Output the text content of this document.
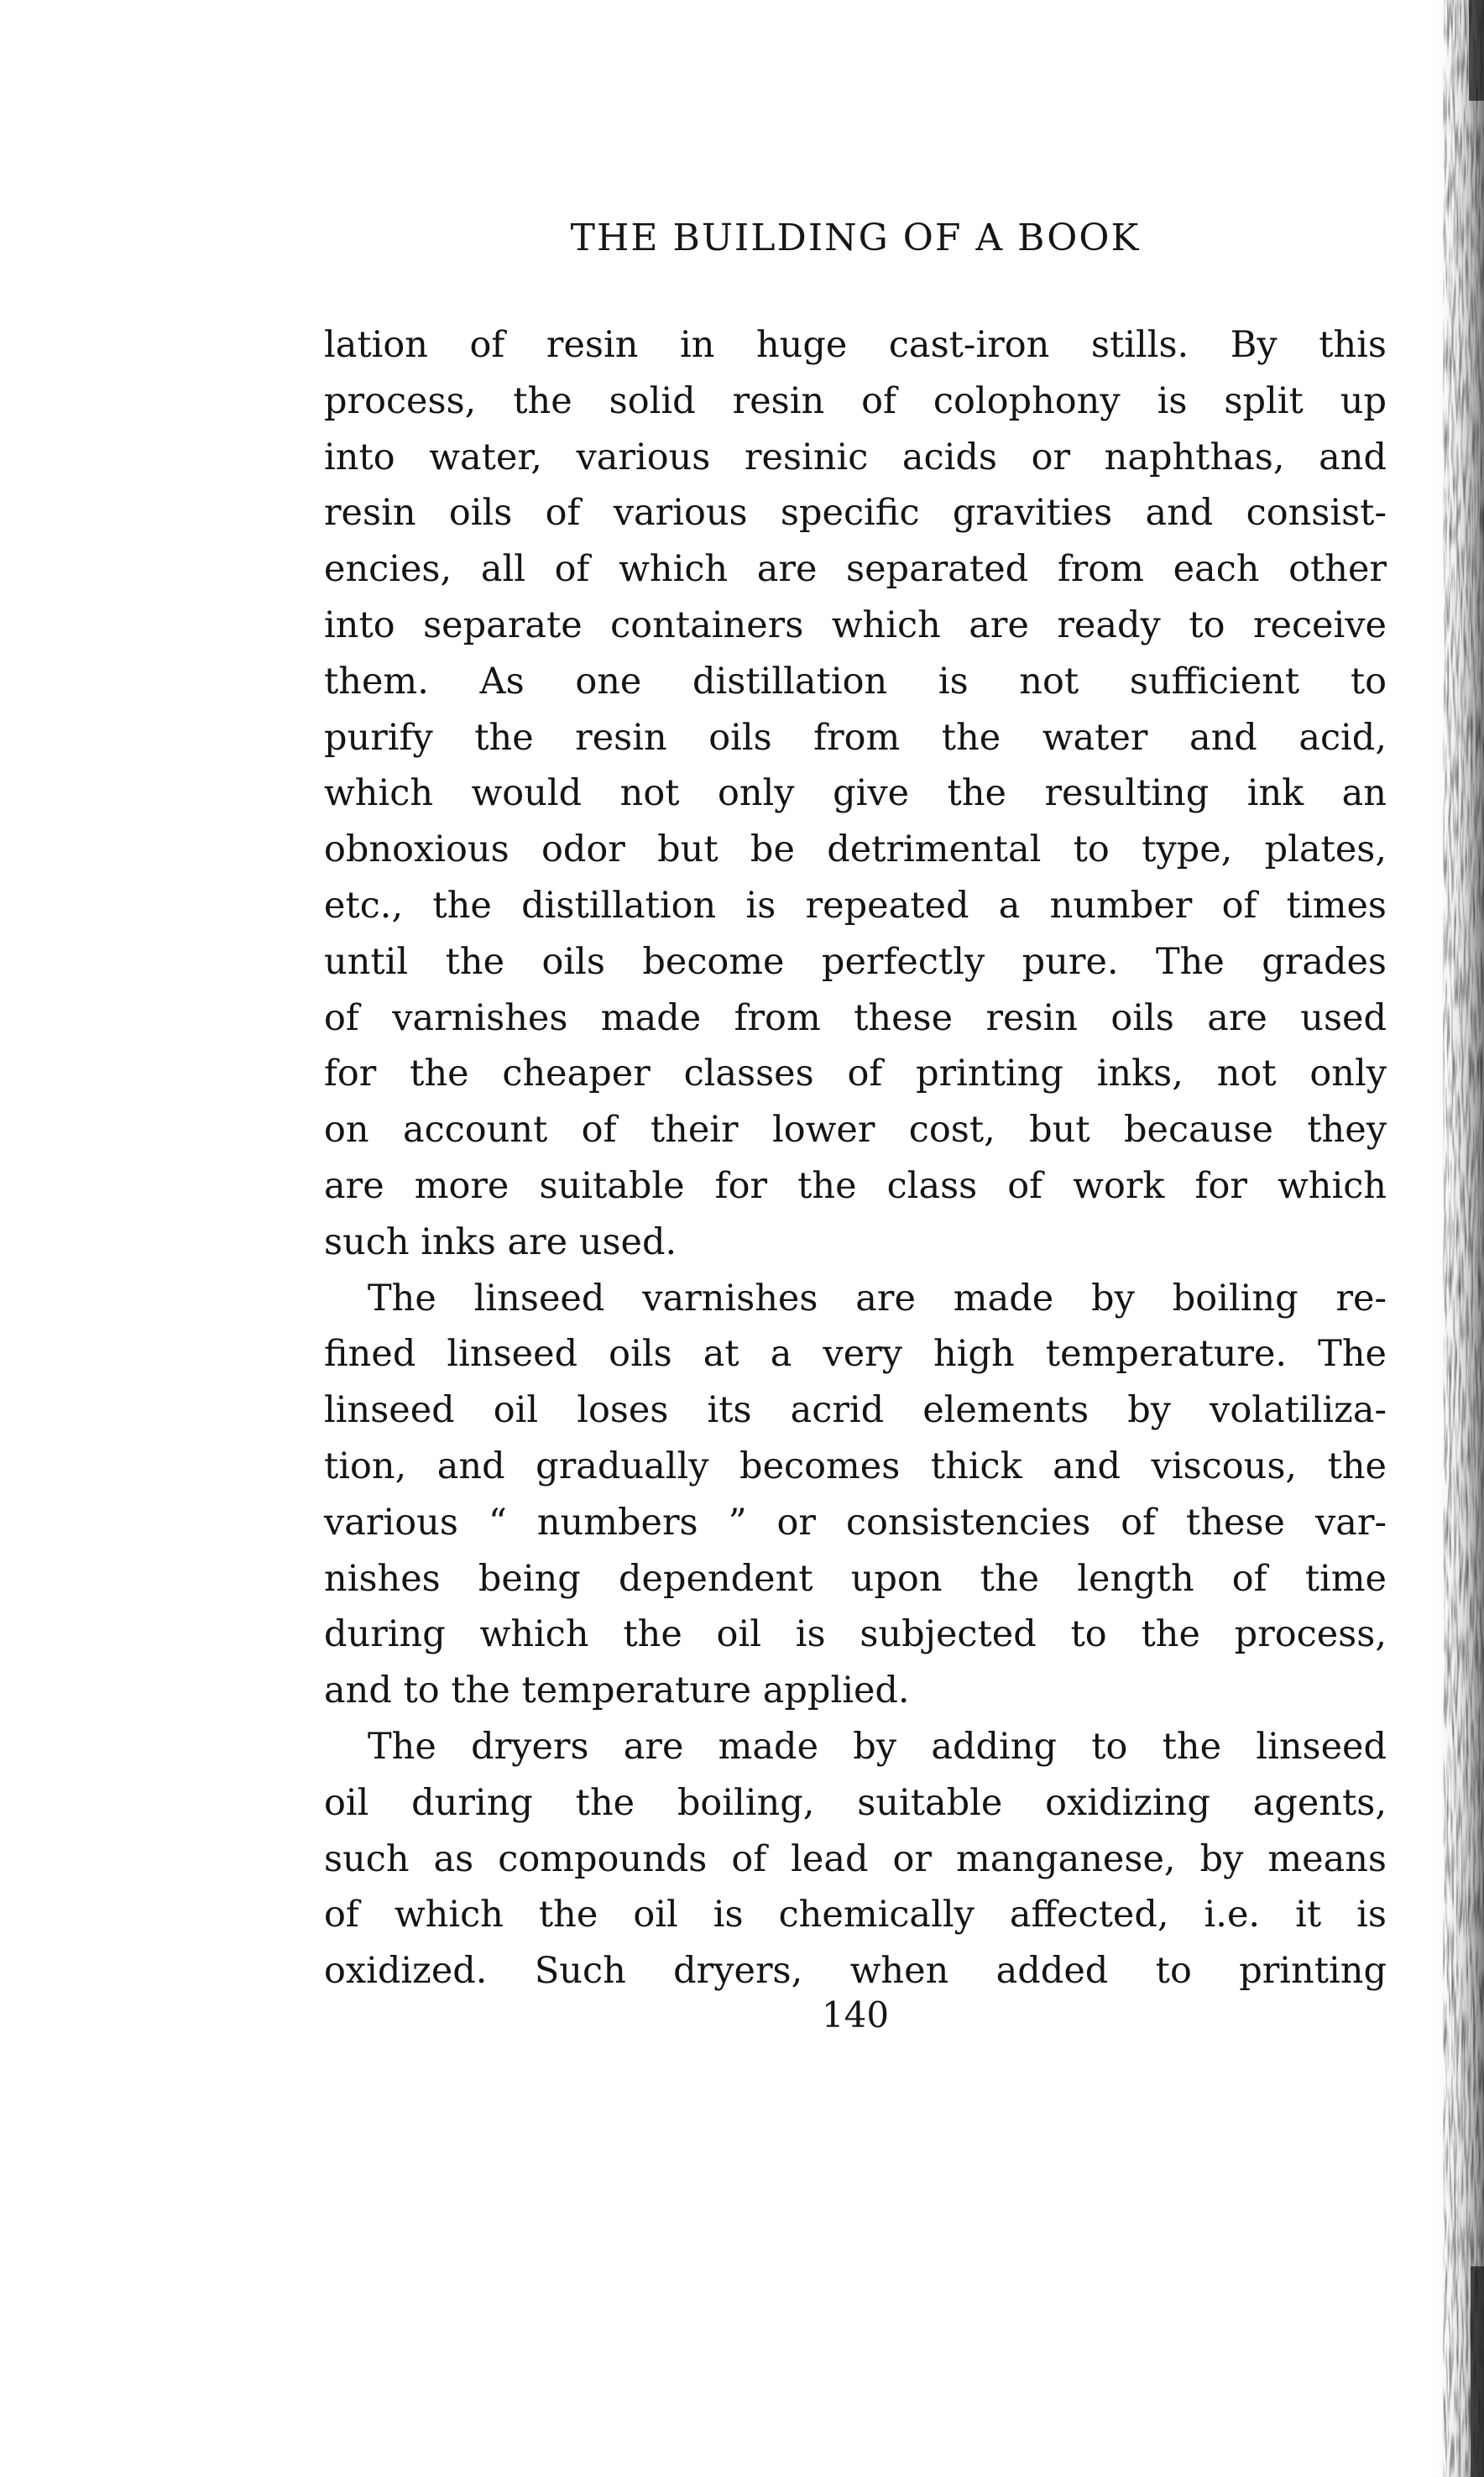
THE BUILDING OF A BOOK
lation of resin in huge cast-iron stills. By this
process, the solid resin of colophony is split up
into water, various resinic acids or naphthas, and
resin oils of various specific gravities and consist-
encies, all of which are separated from each other
into separate containers which are ready to receive
them. As one distillation is not sufficient to
purify the resin oils from the water and acid,
which would not only give the resulting ink an
obnoxious odor but be detrimental to type, plates,
etc., the distillation is repeated a number of times
until the oils become perfectly pure. The grades
of varnishes made from these resin oils are used
for the cheaper classes of printing inks, not only
on account of their lower cost, but because they
are more suitable for the class of work for which
such inks are used.
The linseed varnishes are made by boiling re-
fined linseed oils at a very high temperature. The
linseed oil loses its acrid elements by volatiliza-
tion, and gradually becomes thick and viscous, the
various “ numbers ” or consistencies of these var-
nishes being dependent upon the length of time
during which the oil is subjected to the process,
and to the temperature applied.
The dryers are made by adding to the linseed
oil during the boiling, suitable oxidizing agents,
such as compounds of lead or manganese, by means
of which the oil is chemically affected, i.e. it is
oxidized. Such dryers, when added to printing
140
